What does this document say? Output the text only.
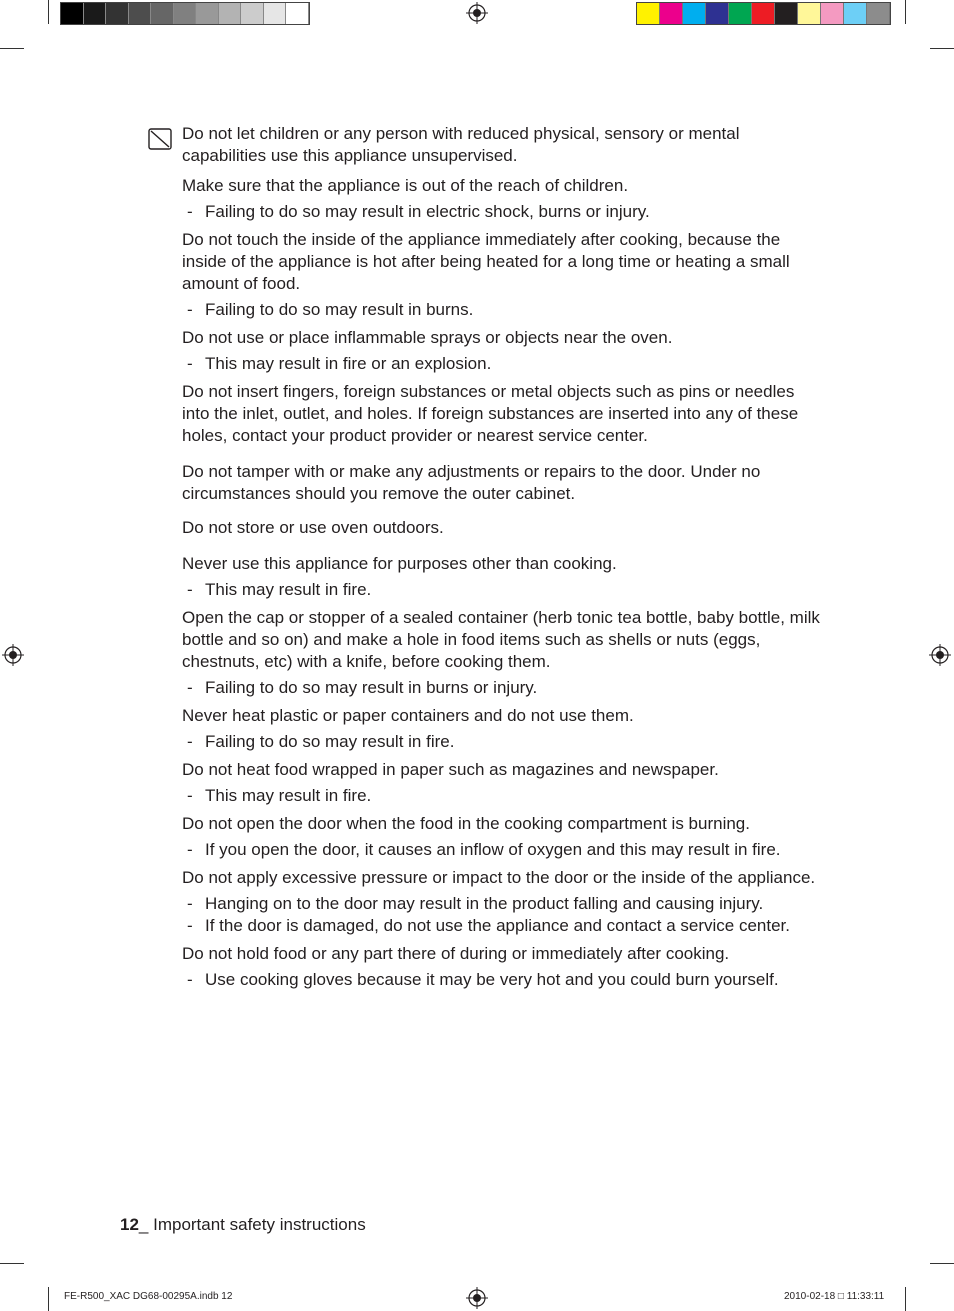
Do not let children or any person with reduced physical, sensory or mental capabilities use this appliance unsupervised.
Make sure that the appliance is out of the reach of children.
- Failing to do so may result in electric shock, burns or injury.
Do not touch the inside of the appliance immediately after cooking, because the inside of the appliance is hot after being heated for a long time or heating a small amount of food.
- Failing to do so may result in burns.
Do not use or place inflammable sprays or objects near the oven.
- This may result in fire or an explosion.
Do not insert fingers, foreign substances or metal objects such as pins or needles into the inlet, outlet, and holes. If foreign substances are inserted into any of these holes, contact your product provider or nearest service center.
Do not tamper with or make any adjustments or repairs to the door. Under no circumstances should you remove the outer cabinet.
Do not store or use oven outdoors.
Never use this appliance for purposes other than cooking.
- This may result in fire.
Open the cap or stopper of a sealed container (herb tonic tea bottle, baby bottle, milk bottle and so on) and make a hole in food items such as shells or nuts (eggs, chestnuts, etc) with a knife, before cooking them.
- Failing to do so may result in burns or injury.
Never heat plastic or paper containers and do not use them.
- Failing to do so may result in fire.
Do not heat food wrapped in paper such as magazines and newspaper.
- This may result in fire.
Do not open the door when the food in the cooking compartment is burning.
- If you open the door, it causes an inflow of oxygen and this may result in fire.
Do not apply excessive pressure or impact to the door or the inside of the appliance.
- Hanging on to the door may result in the product falling and causing injury.
- If the door is damaged, do not use the appliance and contact a service center.
Do not hold food or any part there of during or immediately after cooking.
- Use cooking gloves because it may be very hot and you could burn yourself.
12_ Important safety instructions
FE-R500_XAC DG68-00295A.indb 12	2010-02-18 □ 11:33:11
